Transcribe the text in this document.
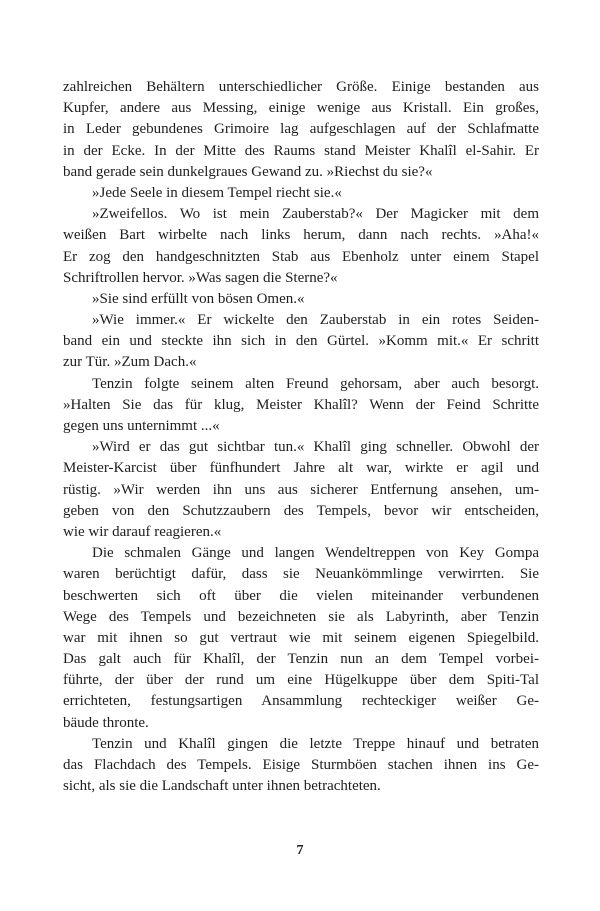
zahlreichen Behältern unterschiedlicher Größe. Einige bestanden aus
Kupfer, andere aus Messing, einige wenige aus Kristall. Ein großes,
in Leder gebundenes Grimoire lag aufgeschlagen auf der Schlafmatte
in der Ecke. In der Mitte des Raums stand Meister Khalîl el-Sahir. Er
band gerade sein dunkelgraues Gewand zu. »Riechst du sie?«
»Jede Seele in diesem Tempel riecht sie.«
»Zweifellos. Wo ist mein Zauberstab?« Der Magicker mit dem
weißen Bart wirbelte nach links herum, dann nach rechts. »Aha!«
Er zog den handgeschnitzten Stab aus Ebenholz unter einem Stapel
Schriftrollen hervor. »Was sagen die Sterne?«
»Sie sind erfüllt von bösen Omen.«
»Wie immer.« Er wickelte den Zauberstab in ein rotes Seiden-
band ein und steckte ihn sich in den Gürtel. »Komm mit.« Er schritt
zur Tür. »Zum Dach.«
Tenzin folgte seinem alten Freund gehorsam, aber auch besorgt.
»Halten Sie das für klug, Meister Khalîl? Wenn der Feind Schritte
gegen uns unternimmt ...«
»Wird er das gut sichtbar tun.« Khalîl ging schneller. Obwohl der
Meister-Karcist über fünfhundert Jahre alt war, wirkte er agil und
rüstig. »Wir werden ihn uns aus sicherer Entfernung ansehen, um-
geben von den Schutzzaubern des Tempels, bevor wir entscheiden,
wie wir darauf reagieren.«
Die schmalen Gänge und langen Wendeltreppen von Key Gompa
waren berüchtigt dafür, dass sie Neuankömmlinge verwirrten. Sie
beschwerten sich oft über die vielen miteinander verbundenen
Wege des Tempels und bezeichneten sie als Labyrinth, aber Tenzin
war mit ihnen so gut vertraut wie mit seinem eigenen Spiegelbild.
Das galt auch für Khalîl, der Tenzin nun an dem Tempel vorbei-
führte, der über der rund um eine Hügelkuppe über dem Spiti-Tal
errichteten, festungsartigen Ansammlung rechteckiger weißer Ge-
bäude thronte.
Tenzin und Khalîl gingen die letzte Treppe hinauf und betraten
das Flachdach des Tempels. Eisige Sturmböen stachen ihnen ins Ge-
sicht, als sie die Landschaft unter ihnen betrachteten.
7
